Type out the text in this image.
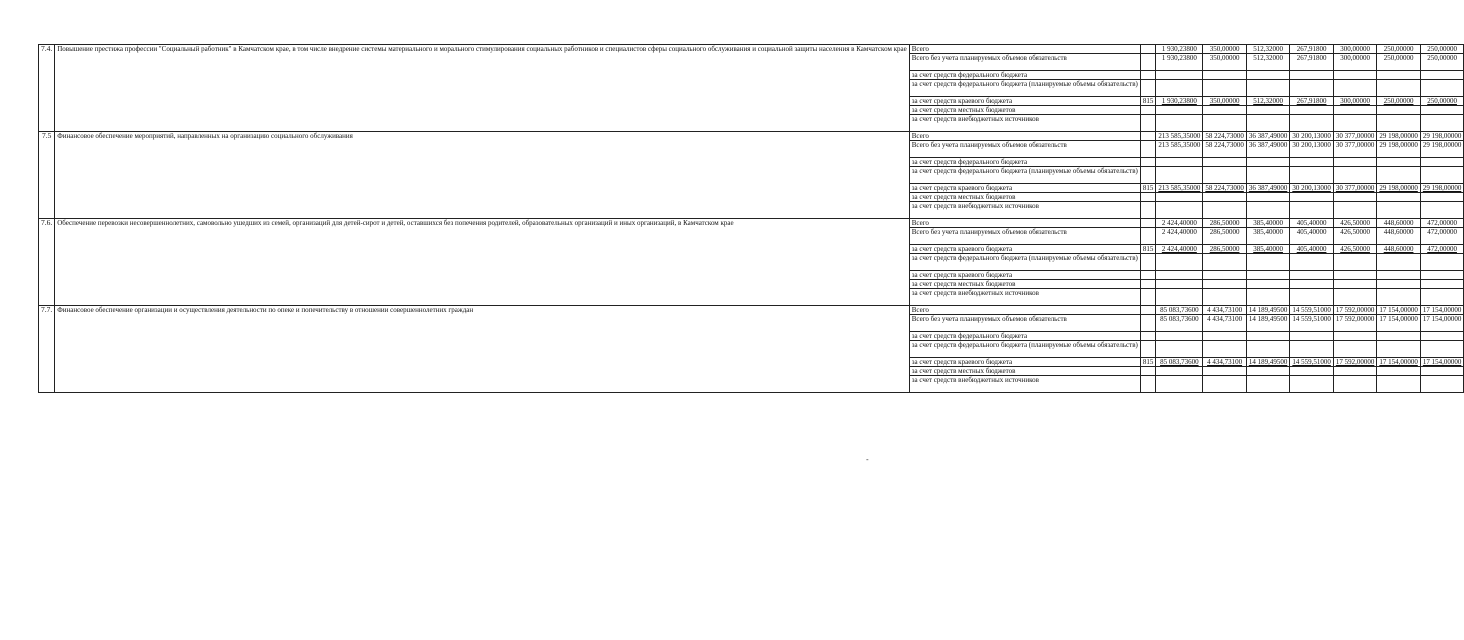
7.4.	Повышение престижа профессии "Социальный работник" в Камчатском крае, в том числе внедрение системы материального и морального стимулирования социальных работников и специалистов сферы социального обслуживания и социальной защиты населения в Камчатском крае	Всего		1 930,23800	350,00000	512,32000	267,91800	300,00000	250,00000	250,00000
		Всего без учета планируемых объемов обязательств		1 930,23800	350,00000	512,32000	267,91800	300,00000	250,00000	250,00000
		за счет средств федерального бюджета								
		за счет средств федерального бюджета (планируемые объемы обязательств)								
		за счет средств краевого бюджета	815	1 930,23800	350,00000	512,32000	267,91800	300,00000	250,00000	250,00000
		за счет средств местных бюджетов								
		за счет средств внебюджетных источников								
7.5	Финансовое обеспечение мероприятий, направленных на организацию социального обслуживания	Всего		213 585,35000	58 224,73000	36 387,49000	30 200,13000	30 377,00000	29 198,00000	29 198,00000
		Всего без учета планируемых объемов обязательств		213 585,35000	58 224,73000	36 387,49000	30 200,13000	30 377,00000	29 198,00000	29 198,00000
		за счет средств федерального бюджета								
		за счет средств федерального бюджета (планируемые объемы обязательств)								
		за счет средств краевого бюджета	815	213 585,35000	58 224,73000	36 387,49000	30 200,13000	30 377,00000	29 198,00000	29 198,00000
		за счет средств местных бюджетов								
		за счет средств внебюджетных источников								
7.6.	Обеспечение перевозки несовершеннолетних, самовольно ушедших из семей, организаций для детей-сирот и детей, оставшихся без попечения родителей, образовательных организаций и иных организаций, в Камчатском крае	Всего		2 424,40000	286,50000	385,40000	405,40000	426,50000	448,60000	472,00000
		Всего без учета планируемых объемов обязательств		2 424,40000	286,50000	385,40000	405,40000	426,50000	448,60000	472,00000
		за счет средств краевого бюджета	815	2 424,40000	286,50000	385,40000	405,40000	426,50000	448,60000	472,00000
		за счет средств федерального бюджета (планируемые объемы обязательств)								
		за счет средств краевого бюджета								
		за счет средств местных бюджетов								
		за счет средств внебюджетных источников								
7.7.	Финансовое обеспечение организации и осуществления деятельности по опеке и попечительству в отношении совершеннолетних граждан	Всего		85 083,73600	4 434,73100	14 189,49500	14 559,51000	17 592,00000	17 154,00000	17 154,00000
		Всего без учета планируемых объемов обязательств		85 083,73600	4 434,73100	14 189,49500	14 559,51000	17 592,00000	17 154,00000	17 154,00000
		за счет средств федерального бюджета								
		за счет средств федерального бюджета (планируемые объемы обязательств)								
		за счет средств краевого бюджета	815	85 083,73600	4 434,73100	14 189,49500	14 559,51000	17 592,00000	17 154,00000	17 154,00000
		за счет средств местных бюджетов								
		за счет средств внебюджетных источников								
-
